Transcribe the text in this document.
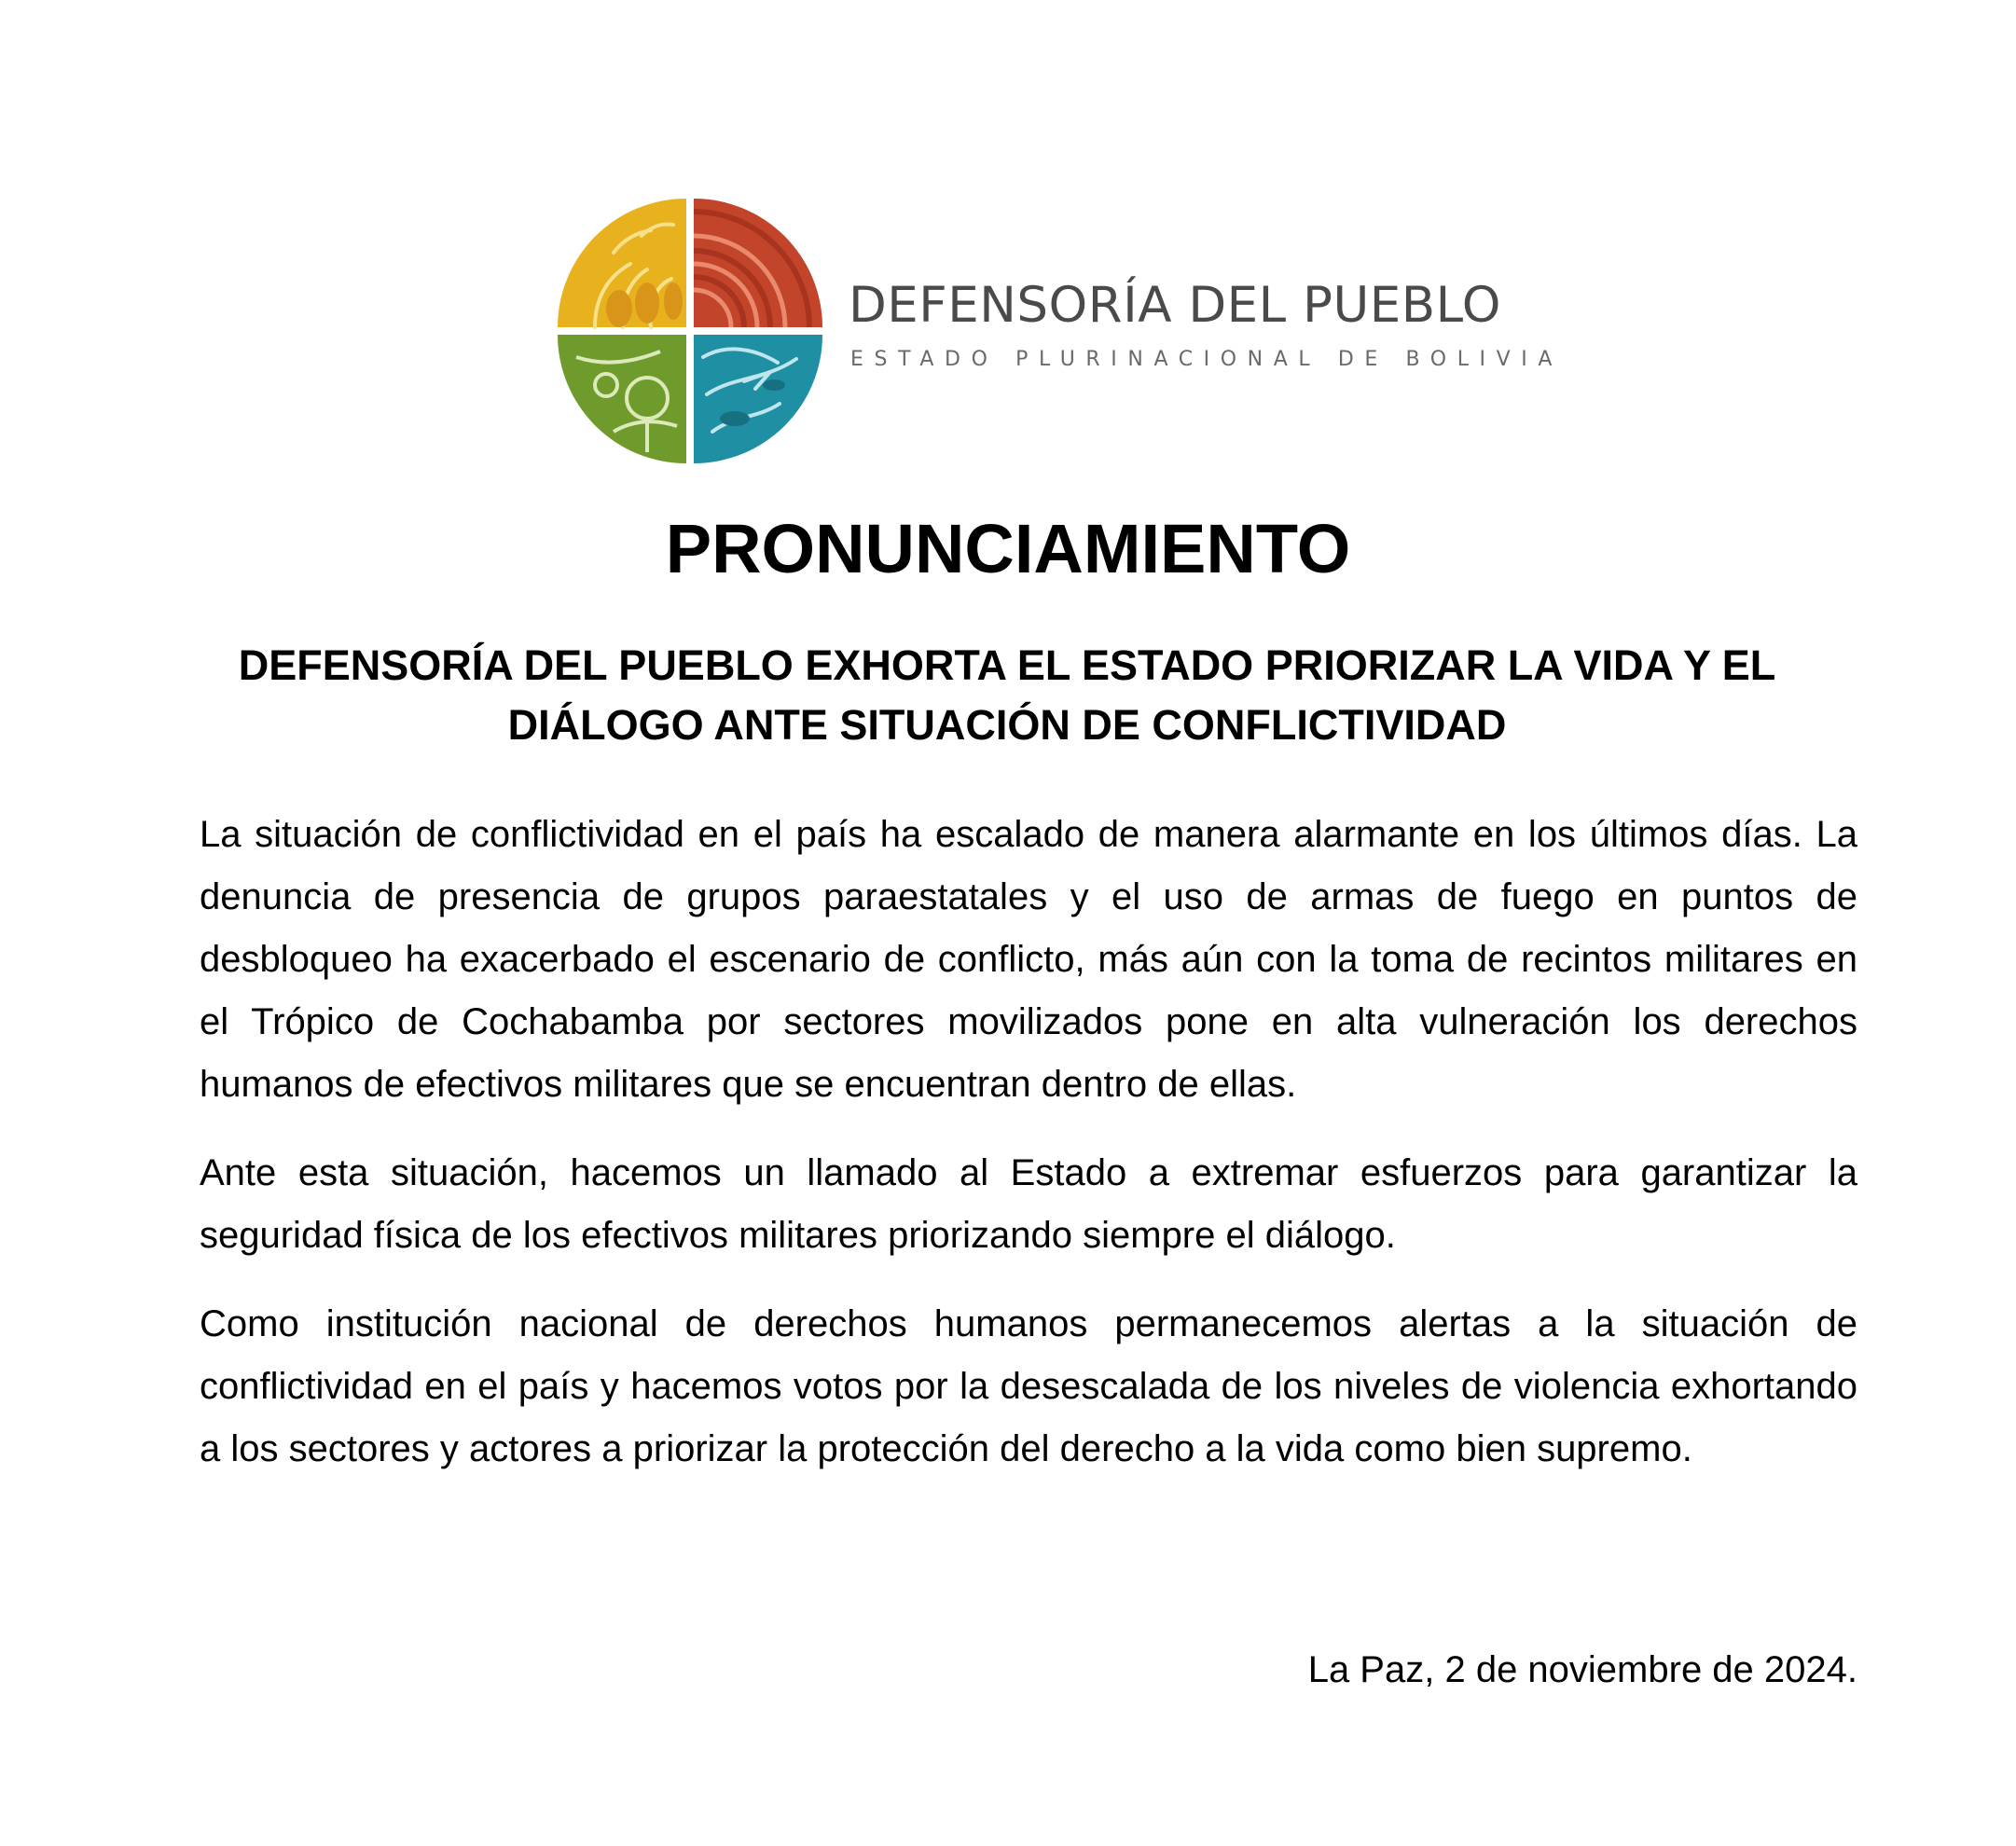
DEFENSORÍA DEL PUEBLO
ESTADO PLURINACIONAL DE BOLIVIA
PRONUNCIAMIENTO
DEFENSORÍA DEL PUEBLO EXHORTA EL ESTADO PRIORIZAR LA VIDA Y EL DIÁLOGO ANTE SITUACIÓN DE CONFLICTIVIDAD

La situación de conflictividad en el país ha escalado de manera alarmante en los últimos días. La denuncia de presencia de grupos paraestatales y el uso de armas de fuego en puntos de desbloqueo ha exacerbado el escenario de conflicto, más aún con la toma de recintos militares en el Trópico de Cochabamba por sectores movilizados pone en alta vulneración los derechos humanos de efectivos militares que se encuentran dentro de ellas.

Ante esta situación, hacemos un llamado al Estado a extremar esfuerzos para garantizar la seguridad física de los efectivos militares priorizando siempre el diálogo.

Como institución nacional de derechos humanos permanecemos alertas a la situación de conflictividad en el país y hacemos votos por la desescalada de los niveles de violencia exhortando a los sectores y actores a priorizar la protección del derecho a la vida como bien supremo.

La Paz, 2 de noviembre de 2024.
